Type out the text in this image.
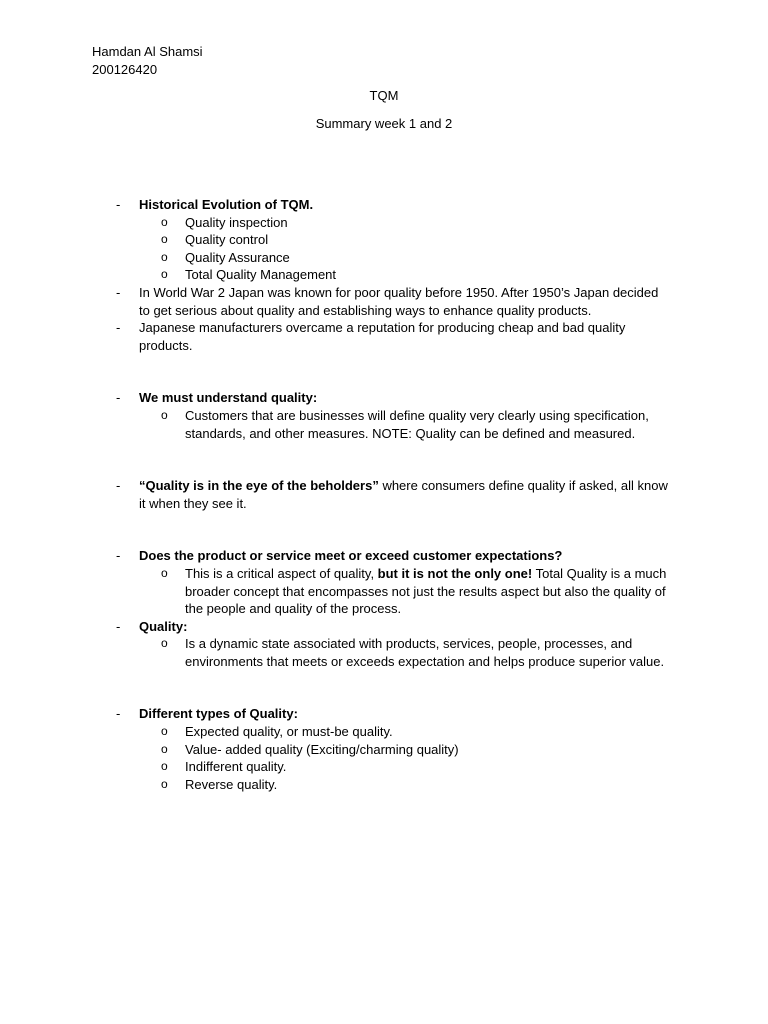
Hamdan Al Shamsi
200126420
TQM
Summary week 1 and 2
- Historical Evolution of TQM.
o Quality inspection
o Quality control
o Quality Assurance
o Total Quality Management
- In World War 2 Japan was known for poor quality before 1950. After 1950’s Japan decided to get serious about quality and establishing ways to enhance quality products.
- Japanese manufacturers overcame a reputation for producing cheap and bad quality products.
- We must understand quality:
o Customers that are businesses will define quality very clearly using specification, standards, and other measures. NOTE: Quality can be defined and measured.
- “Quality is in the eye of the beholders” where consumers define quality if asked, all know it when they see it.
- Does the product or service meet or exceed customer expectations?
o This is a critical aspect of quality, but it is not the only one! Total Quality is a much broader concept that encompasses not just the results aspect but also the quality of the people and quality of the process.
- Quality:
o Is a dynamic state associated with products, services, people, processes, and environments that meets or exceeds expectation and helps produce superior value.
- Different types of Quality:
o Expected quality, or must-be quality.
o Value- added quality (Exciting/charming quality)
o Indifferent quality.
o Reverse quality.
